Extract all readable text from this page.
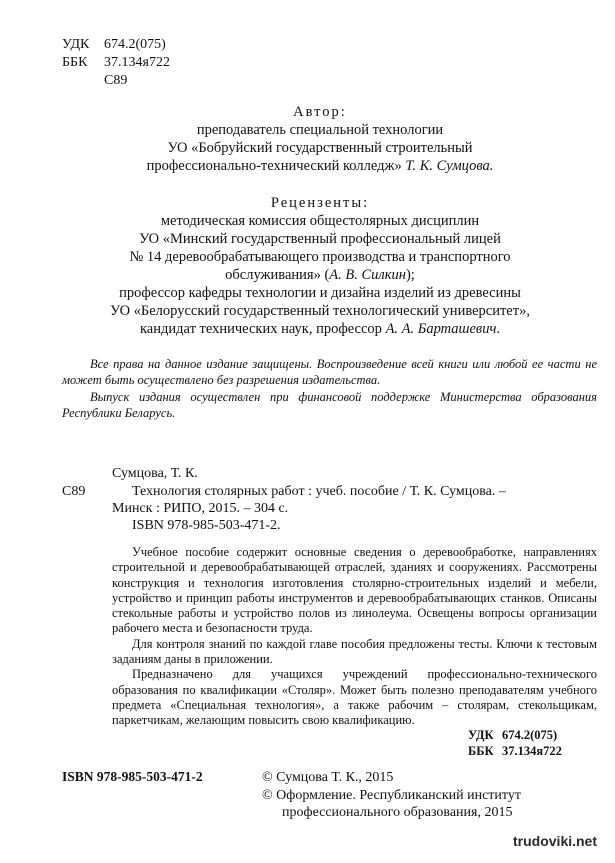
УДК 674.2(075)
ББК 37.134я722
С89
Автор:
преподаватель специальной технологии
УО «Бобруйский государственный строительный
профессионально-технический колледж» Т. К. Сумцова.
Рецензенты:
методическая комиссия общестолярных дисциплин
УО «Минский государственный профессиональный лицей
№ 14 деревообрабатывающего производства и транспортного
обслуживания» (А. В. Силкин);
профессор кафедры технологии и дизайна изделий из древесины
УО «Белорусский государственный технологический университет»,
кандидат технических наук, профессор А. А. Барташевич.

Все права на данное издание защищены. Воспроизведение всей книги или любой ее части не может быть осуществлено без разрешения издательства.

Выпуск издания осуществлен при финансовой поддержке Министерства образования Республики Беларусь.

Сумцова, Т. К.
С89	Технология столярных работ : учеб. пособие / Т. К. Сумцова. –
Минск : РИПО, 2015. – 304 с.
ISBN 978-985-503-471-2.

Учебное пособие содержит основные сведения о деревообработке, направлениях строительной и деревообрабатывающей отраслей, зданиях и сооружениях. Рассмотрены конструкция и технология изготовления столярно-строительных изделий и мебели, устройство и принцип работы инструментов и деревообрабатывающих станков. Описаны стекольные работы и устройство полов из линолеума. Освещены вопросы организации рабочего места и безопасности труда.

Для контроля знаний по каждой главе пособия предложены тесты. Ключи к тестовым заданиям даны в приложении.

Предназначено для учащихся учреждений профессионально-технического образования по квалификации «Столяр». Может быть полезно преподавателям учебного предмета «Специальная технология», а также рабочим – столярам, стекольщикам, паркетчикам, желающим повысить свою квалификацию.

УДК 674.2(075)
ББК 37.134я722
ISBN 978-985-503-471-2	© Сумцова Т. К., 2015
© Оформление. Республиканский институт
профессионального образования, 2015
trudoviki.net
